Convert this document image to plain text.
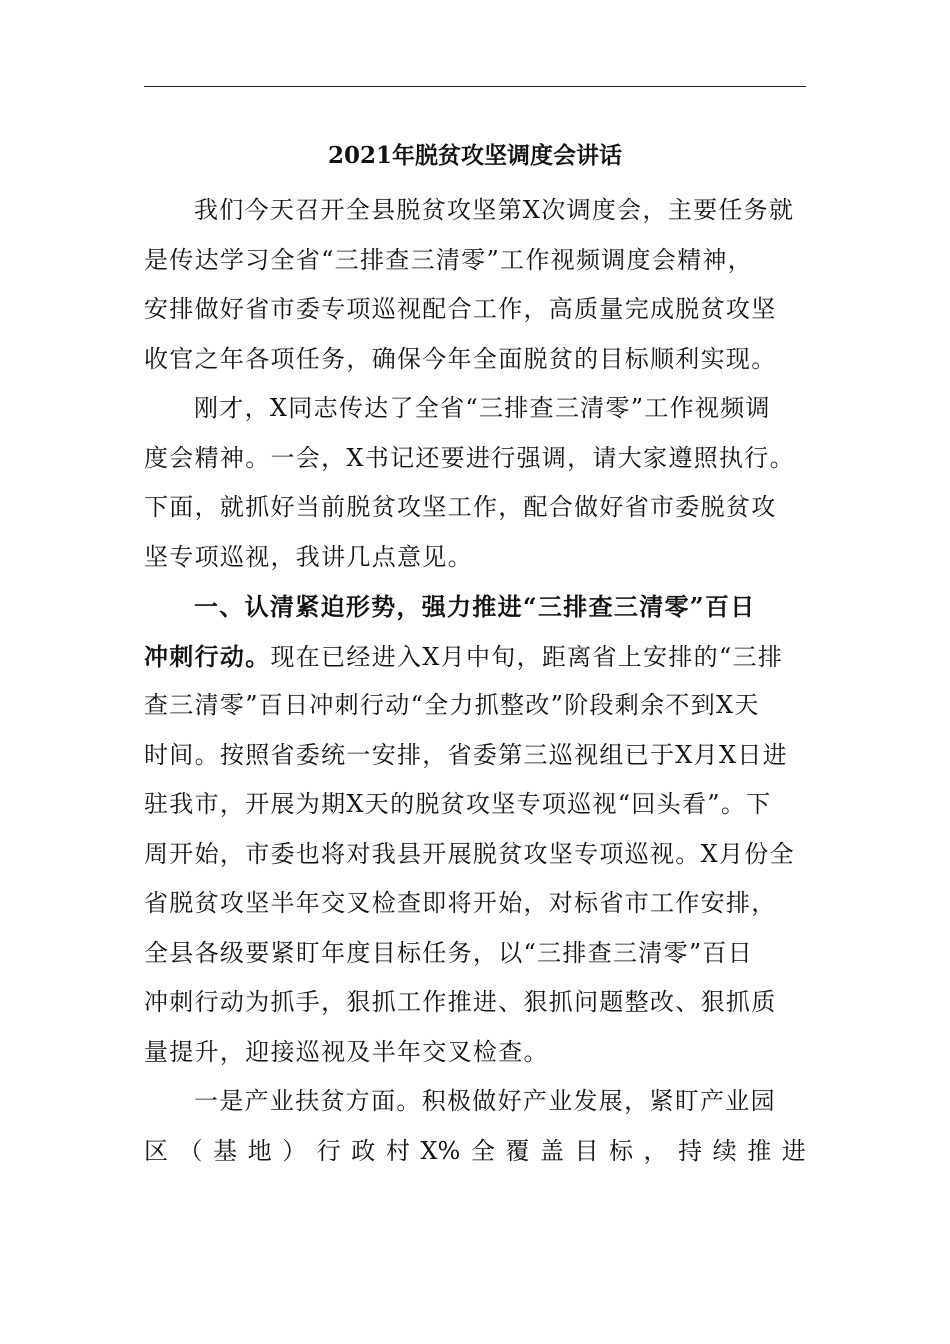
2021年脱贫攻坚调度会讲话
我们今天召开全县脱贫攻坚第X次调度会，主要任务就
是传达学习全省“三排查三清零”工作视频调度会精神，
安排做好省市委专项巡视配合工作，高质量完成脱贫攻坚
收官之年各项任务，确保今年全面脱贫的目标顺利实现。
刚才，X同志传达了全省“三排查三清零”工作视频调
度会精神。一会，X书记还要进行强调，请大家遵照执行。
下面，就抓好当前脱贫攻坚工作，配合做好省市委脱贫攻
坚专项巡视，我讲几点意见。
一、认清紧迫形势，强力推进“三排查三清零”百日
冲刺行动。现在已经进入X月中旬，距离省上安排的“三排
查三清零”百日冲刺行动“全力抓整改”阶段剩余不到X天
时间。按照省委统一安排，省委第三巡视组已于X月X日进
驻我市，开展为期X天的脱贫攻坚专项巡视“回头看”。下
周开始，市委也将对我县开展脱贫攻坚专项巡视。X月份全
省脱贫攻坚半年交叉检查即将开始，对标省市工作安排，
全县各级要紧盯年度目标任务，以“三排查三清零”百日
冲刺行动为抓手，狠抓工作推进、狠抓问题整改、狠抓质
量提升，迎接巡视及半年交叉检查。
一是产业扶贫方面。积极做好产业发展，紧盯产业园
区 （ 基 地 ） 行 政 村 X% 全 覆 盖 目 标 ， 持 续 推 进
